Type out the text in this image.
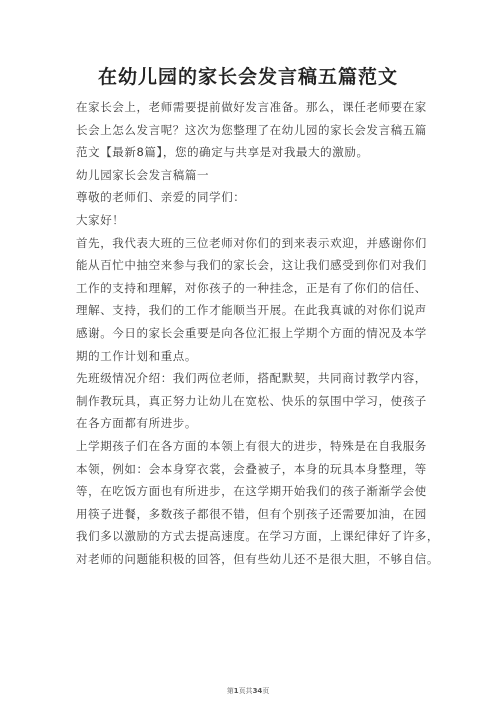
在幼儿园的家长会发言稿五篇范文
在家长会上，老师需要提前做好发言准备。那么，课任老师要在家
长会上怎么发言呢？这次为您整理了在幼儿园的家长会发言稿五篇
范文【最新8篇】，您的确定与共享是对我最大的激励。
幼儿园家长会发言稿篇一
尊敬的老师们、亲爱的同学们：
大家好！
首先，我代表大班的三位老师对你们的到来表示欢迎，并感谢你们
能从百忙中抽空来参与我们的家长会，这让我们感受到你们对我们
工作的支持和理解，对你孩子的一种挂念，正是有了你们的信任、
理解、支持，我们的工作才能顺当开展。在此我真诚的对你们说声
感谢。今日的家长会重要是向各位汇报上学期个方面的情况及本学
期的工作计划和重点。
先班级情况介绍：我们两位老师，搭配默契，共同商讨教学内容，
制作教玩具，真正努力让幼儿在宽松、快乐的氛围中学习，使孩子
在各方面都有所进步。
上学期孩子们在各方面的本领上有很大的进步，特殊是在自我服务
本领，例如：会本身穿衣裳，会叠被子，本身的玩具本身整理，等
等，在吃饭方面也有所进步，在这学期开始我们的孩子渐渐学会使
用筷子进餐，多数孩子都很不错，但有个别孩子还需要加油，在园
我们多以激励的方式去提高速度。在学习方面，上课纪律好了许多，
对老师的问题能积极的回答，但有些幼儿还不是很大胆，不够自信。
第1页共34页
